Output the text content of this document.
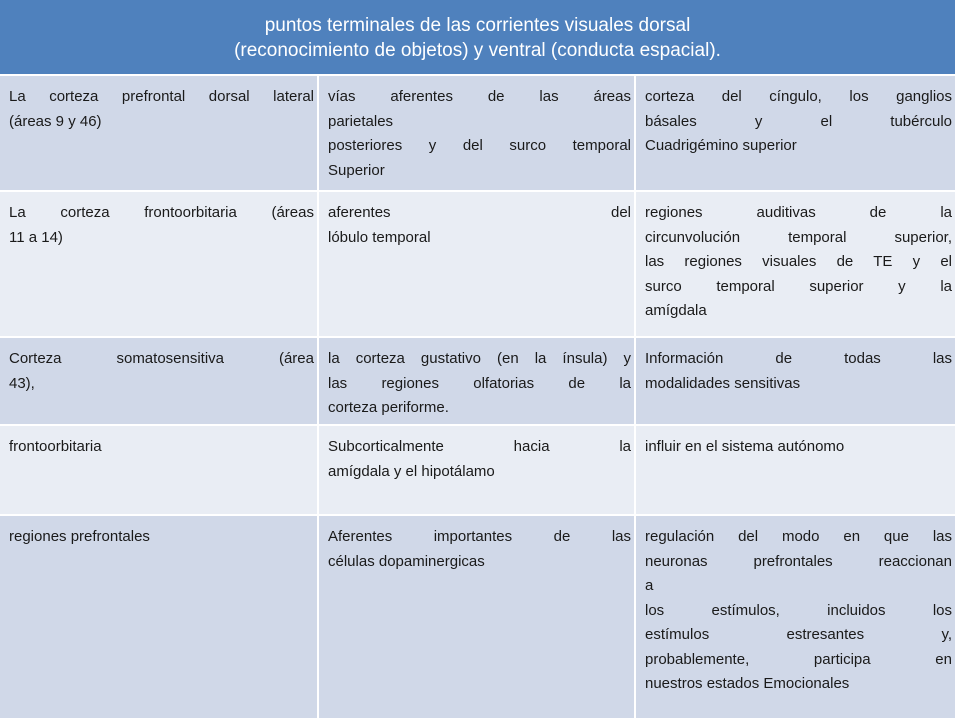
puntos terminales de las corrientes visuales dorsal
(reconocimiento de objetos) y ventral (conducta espacial).
La corteza prefrontal dorsal lateral
(áreas 9 y 46)
vías aferentes de las áreas
parietales
posteriores y del surco temporal
Superior
corteza del cíngulo, los ganglios
básales y el tubérculo
Cuadrigémino superior
La corteza frontoorbitaria (áreas
11 a 14)
aferentes del
lóbulo temporal
regiones auditivas de la
circunvolución temporal superior,
las regiones visuales de TE y el
surco temporal superior y la
amígdala
Corteza somatosensitiva (área
43),
la corteza gustativo (en la ínsula) y
las regiones olfatorias de la
corteza periforme.
Información de todas las
modalidades sensitivas
frontoorbitaria	Subcorticalmente hacia la
amígdala y el hipotálamo
influir en el sistema autónomo
regiones prefrontales	Aferentes importantes de las
células dopaminergicas
regulación del modo en que las
neuronas prefrontales reaccionan
a
los estímulos, incluidos los
estímulos estresantes y,
probablemente, participa en
nuestros estados Emocionales
